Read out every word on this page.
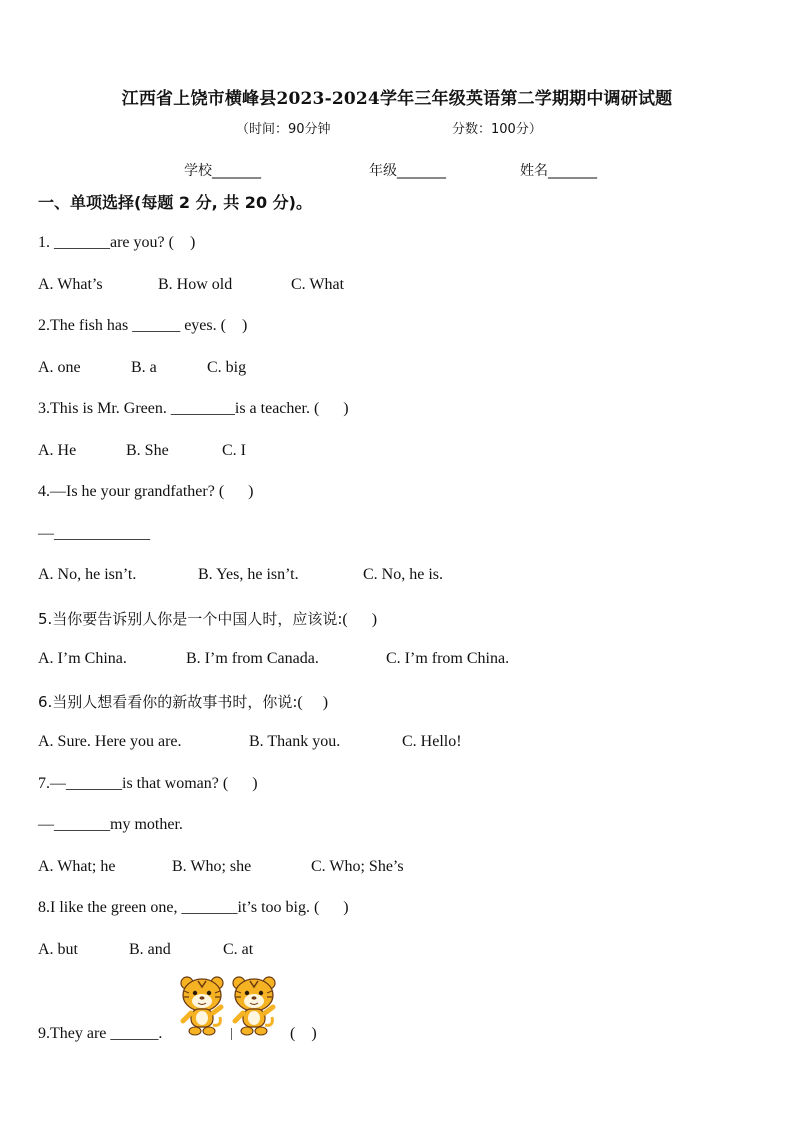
江西省上饶市横峰县2023-2024学年三年级英语第二学期期中调研试题
（时间：90分钟	分数：100分）
学校_______	年级_______	姓名_______
一、单项选择(每题 2 分, 共 20 分)。
1. _______are you? (    )
A. What’s	B. How old	C. What
2.The fish has ______ eyes. (    )
A. one	B. a	C. big
3.This is Mr. Green. ________is a teacher. (      )
A. He	B. She	C. I
4.—Is he your grandfather? (      )
—____________
A. No, he isn’t.	B. Yes, he isn’t.	C. No, he is.
5.当你要告诉别人你是一个中国人时，应该说:(      )
A. I’m China.	B. I’m from Canada.	C. I’m from China.
6.当别人想看看你的新故事书时，你说:(     )
A. Sure. Here you are.	B. Thank you.	C. Hello!
7.—_______is that woman? (      )
—_______my mother.
A. What; he	B. Who; she	C. Who; She’s
8.I like the green one, _______it’s too big. (      )
A. but	B. and	C. at
9.They are ______.	(    )
